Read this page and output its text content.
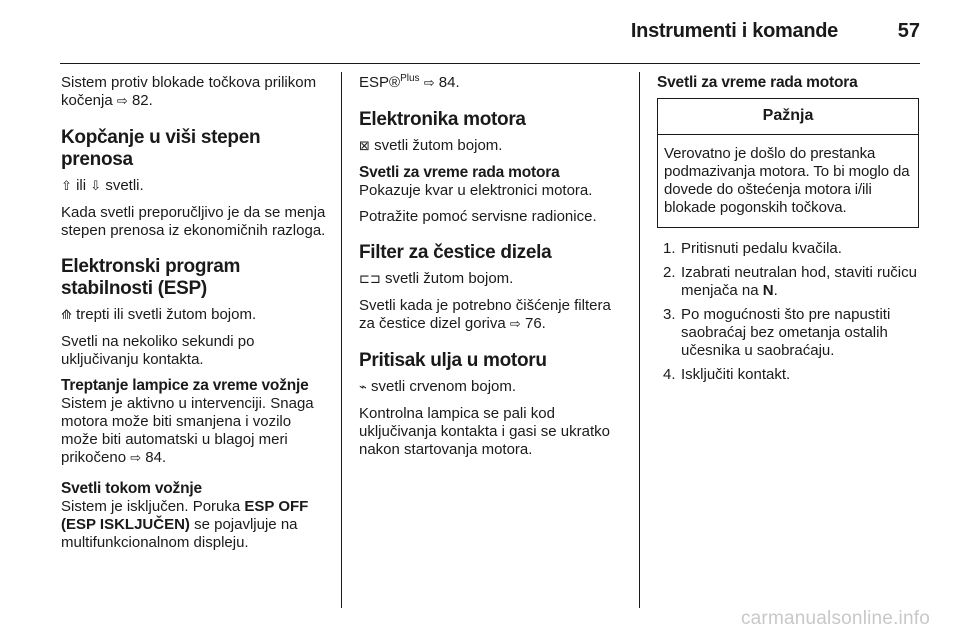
Instrumenti i komande	57

Sistem protiv blokade točkova prilikom kočenja ⇨ 82.

Kopčanje u viši stepen prenosa

⇧ ili ⇩ svetli.

Kada svetli preporučljivo je da se menja stepen prenosa iz ekonomičnih razloga.

Elektronski program stabilnosti (ESP)

⟰ trepti ili svetli žutom bojom.

Svetli na nekoliko sekundi po uključivanju kontakta.

Treptanje lampice za vreme vožnje

Sistem je aktivno u intervenciji. Snaga motora može biti smanjena i vozilo može biti automatski u blagoj meri prikočeno ⇨ 84.

Svetli tokom vožnje

Sistem je isključen. Poruka ESP OFF (ESP ISKLJUČEN) se pojavljuje na multifunkcionalnom displeju.

ESP®$^{Plus}$ ⇨ 84.

Elektronika motora

⊠ svetli žutom bojom.

Svetli za vreme rada motora

Pokazuje kvar u elektronici motora.

Potražite pomoć servisne radionice.

Filter za čestice dizela

⊏⊐ svetli žutom bojom.

Svetli kada je potrebno čišćenje filtera za čestice dizel goriva ⇨ 76.

Pritisak ulja u motoru

⌁ svetli crvenom bojom.

Kontrolna lampica se pali kod uključivanja kontakta i gasi se ukratko nakon startovanja motora.

Svetli za vreme rada motora
Pažnja
Verovatno je došlo do prestanka podmazivanja motora. To bi moglo da dovede do oštećenja motora i/ili blokade pogonskih točkova.
1. Pritisnuti pedalu kvačila.
2. Izabrati neutralan hod, staviti ručicu menjača na N.
3. Po mogućnosti što pre napustiti saobraćaj bez ometanja ostalih učesnika u saobraćaju.
4. Isključiti kontakt.
carmanualsonline.info
